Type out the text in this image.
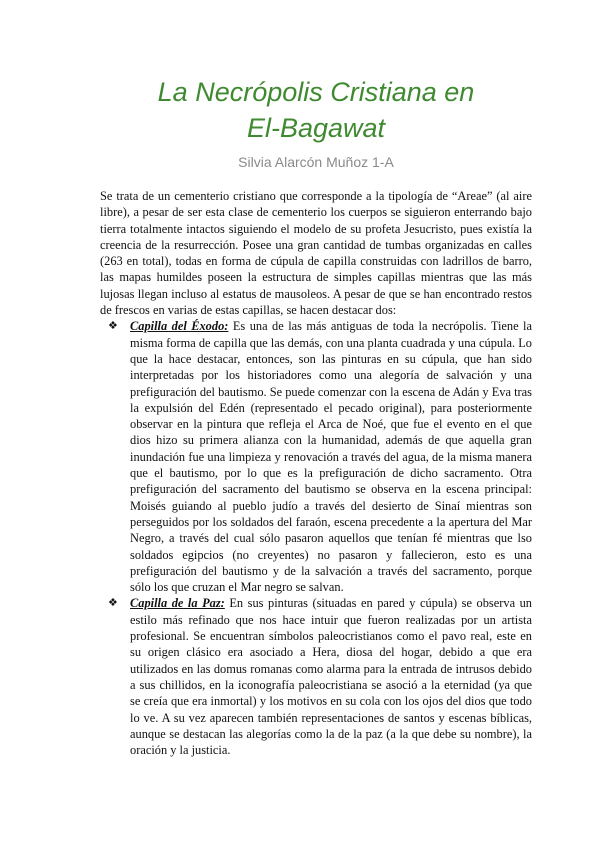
La Necrópolis Cristiana en
El-Bagawat
Silvia Alarcón Muñoz 1-A

Se trata de un cementerio cristiano que corresponde a la tipología de “Areae” (al aire libre), a pesar de ser esta clase de cementerio los cuerpos se siguieron enterrando bajo tierra totalmente intactos siguiendo el modelo de su profeta Jesucristo, pues existía la creencia de la resurrección. Posee una gran cantidad de tumbas organizadas en calles (263 en total), todas en forma de cúpula de capilla construidas con ladrillos de barro, las mapas humildes poseen la estructura de simples capillas mientras que las más lujosas llegan incluso al estatus de mausoleos. A pesar de que se han encontrado restos de frescos en varias de estas capillas, se hacen destacar dos:

❖ Capilla del Éxodo: Es una de las más antiguas de toda la necrópolis. Tiene la misma forma de capilla que las demás, con una planta cuadrada y una cúpula. Lo que la hace destacar, entonces, son las pinturas en su cúpula, que han sido interpretadas por los historiadores como una alegoría de salvación y una prefiguración del bautismo. Se puede comenzar con la escena de Adán y Eva tras la expulsión del Edén (representado el pecado original), para posteriormente observar en la pintura que refleja el Arca de Noé, que fue el evento en el que dios hizo su primera alianza con la humanidad, además de que aquella gran inundación fue una limpieza y renovación a través del agua, de la misma manera que el bautismo, por lo que es la prefiguración de dicho sacramento. Otra prefiguración del sacramento del bautismo se observa en la escena principal: Moisés guiando al pueblo judío a través del desierto de Sinaí mientras son perseguidos por los soldados del faraón, escena precedente a la apertura del Mar Negro, a través del cual sólo pasaron aquellos que tenían fé mientras que lso soldados egipcios (no creyentes) no pasaron y fallecieron, esto es una prefiguración del bautismo y de la salvación a través del sacramento, porque sólo los que cruzan el Mar negro se salvan.
❖ Capilla de la Paz: En sus pinturas (situadas en pared y cúpula) se observa un estilo más refinado que nos hace intuir que fueron realizadas por un artista profesional. Se encuentran símbolos paleocristianos como el pavo real, este en su origen clásico era asociado a Hera, diosa del hogar, debido a que era utilizados en las domus romanas como alarma para la entrada de intrusos debido a sus chillidos, en la iconografía paleocristiana se asoció a la eternidad (ya que se creía que era inmortal) y los motivos en su cola con los ojos del dios que todo lo ve. A su vez aparecen también representaciones de santos y escenas bíblicas, aunque se destacan las alegorías como la de la paz (a la que debe su nombre), la oración y la justicia.
